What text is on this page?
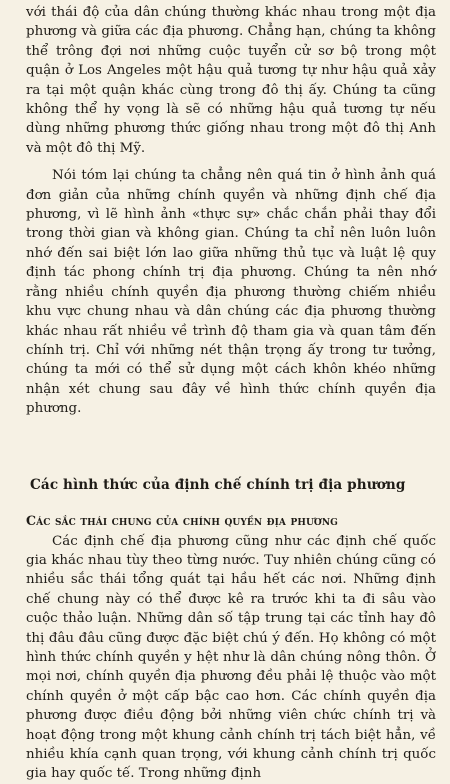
với thái độ của dân chúng thường khác nhau trong một địa phương và giữa các địa phương. Chẳng hạn, chúng ta không thể trông đợi nơi những cuộc tuyển cử sơ bộ trong một quận ở Los Angeles một hậu quả tương tự như hậu quả xảy ra tại một quận khác cùng trong đô thị ấy. Chúng ta cũng không thể hy vọng là sẽ có những hậu quả tương tự nếu dùng những phương thức giống nhau trong một đô thị Anh và một đô thị Mỹ.

Nói tóm lại chúng ta chẳng nên quá tin ở hình ảnh quá đơn giản của những chính quyền và những định chế địa phương, vì lẽ hình ảnh «thực sự» chắc chắn phải thay đổi trong thời gian và không gian. Chúng ta chỉ nên luôn luôn nhớ đến sai biệt lớn lao giữa những thủ tục và luật lệ quy định tác phong chính trị địa phương. Chúng ta nên nhớ rằng nhiều chính quyền địa phương thường chiếm nhiều khu vực chung nhau và dân chúng các địa phương thường khác nhau rất nhiều về trình độ tham gia và quan tâm đến chính trị. Chỉ với những nét thận trọng ấy trong tư tưởng, chúng ta mới có thể sử dụng một cách khôn khéo những nhận xét chung sau đây về hình thức chính quyền địa phương.

Các hình thức của định chế chính trị địa phương
Các sắc thái chung của chính quyền địa phương

Các định chế địa phương cũng như các định chế quốc gia khác nhau tùy theo từng nước. Tuy nhiên chúng cũng có nhiều sắc thái tổng quát tại hầu hết các nơi. Những định chế chung này có thể được kê ra trước khi ta đi sâu vào cuộc thảo luận. Những dân số tập trung tại các tỉnh hay đô thị đâu đâu cũng được đặc biệt chú ý đến. Họ không có một hình thức chính quyền y hệt như là dân chúng nông thôn. Ở mọi nơi, chính quyền địa phương đều phải lệ thuộc vào một chính quyền ở một cấp bậc cao hơn. Các chính quyền địa phương được điều động bởi những viên chức chính trị và hoạt động trong một khung cảnh chính trị tách biệt hẳn, về nhiều khía cạnh quan trọng, với khung cảnh chính trị quốc gia hay quốc tế. Trong những định
